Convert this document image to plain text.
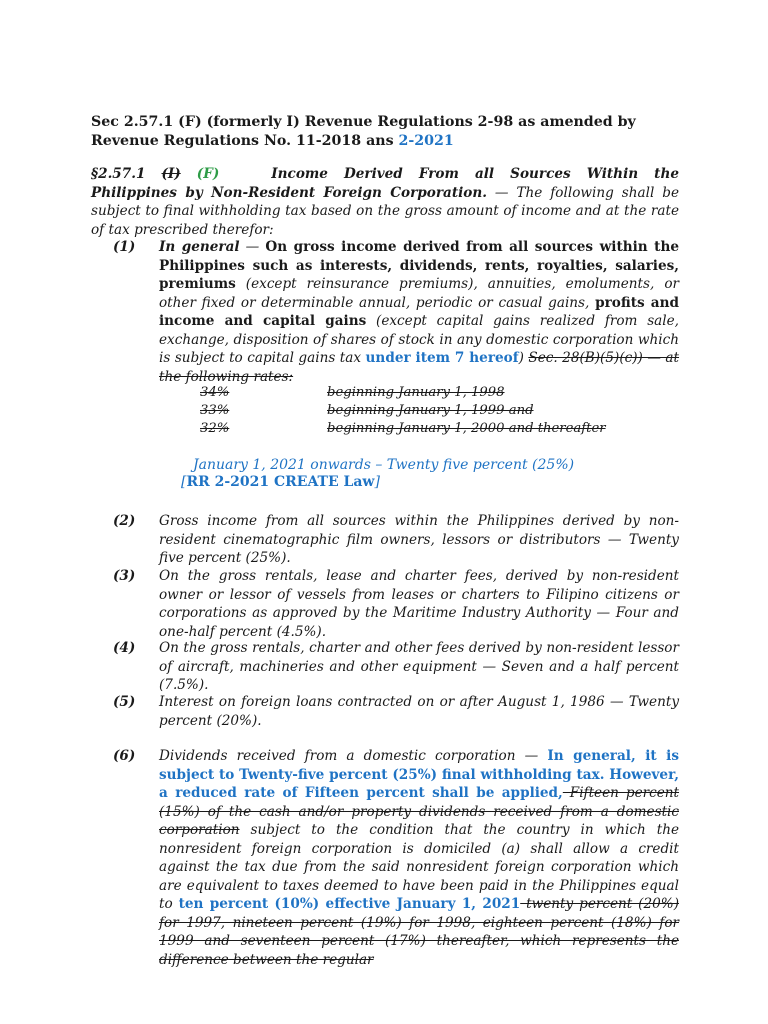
Sec 2.57.1 (F) (formerly I) Revenue Regulations 2-98 as amended by Revenue Regulations No. 11-2018 ans 2-2021
§2.57.1 (I) (F)	Income Derived From all Sources Within the Philippines by Non-Resident Foreign Corporation. — The following shall be subject to final withholding tax based on the gross amount of income and at the rate of tax prescribed therefor:
(1) In general — On gross income derived from all sources within the Philippines such as interests, dividends, rents, royalties, salaries, premiums (except reinsurance premiums), annuities, emoluments, or other fixed or determinable annual, periodic or casual gains, profits and income and capital gains (except capital gains realized from sale, exchange, disposition of shares of stock in any domestic corporation which is subject to capital gains tax under item 7 hereof) Sec. 28(B)(5)(c)) — at the following rates:
34%	beginning January 1, 1998
33%	beginning January 1, 1999 and
32%	beginning January 1, 2000 and thereafter
January 1, 2021 onwards – Twenty five percent (25%)
[RR 2-2021 CREATE Law]
(2) Gross income from all sources within the Philippines derived by non-resident cinematographic film owners, lessors or distributors — Twenty five percent (25%).
(3) On the gross rentals, lease and charter fees, derived by non-resident owner or lessor of vessels from leases or charters to Filipino citizens or corporations as approved by the Maritime Industry Authority — Four and one-half percent (4.5%).
(4) On the gross rentals, charter and other fees derived by non-resident lessor of aircraft, machineries and other equipment — Seven and a half percent (7.5%).
(5) Interest on foreign loans contracted on or after August 1, 1986 — Twenty percent (20%).
(6) Dividends received from a domestic corporation — In general, it is subject to Twenty-five percent (25%) final withholding tax. However, a reduced rate of Fifteen percent shall be applied, Fifteen percent (15%) of the cash and/or property dividends received from a domestic corporation subject to the condition that the country in which the nonresident foreign corporation is domiciled (a) shall allow a credit against the tax due from the said nonresident foreign corporation which are equivalent to taxes deemed to have been paid in the Philippines equal to ten percent (10%) effective January 1, 2021 twenty percent (20%) for 1997, nineteen percent (19%) for 1998, eighteen percent (18%) for 1999 and seventeen percent (17%) thereafter, which represents the difference between the regular
